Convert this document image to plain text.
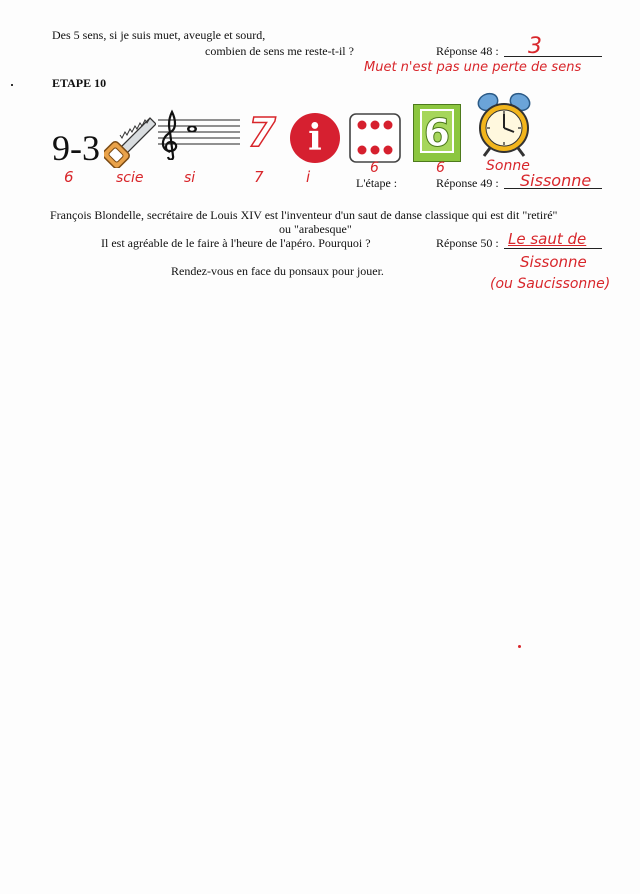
Des 5 sens, si je suis muet, aveugle et sourd,
combien de sens me reste-t-il ?	Réponse 48 : 3
Muet n'est pas une perte de sens
ETAPE 10
9-3	7 i	6
6	scie	si	7	i	6	6	Sonne
L'étape :	Réponse 49 : Sissonne
François Blondelle, secrétaire de Louis XIV est l'inventeur d'un saut de danse classique qui est dit "retiré"
ou "arabesque"
Il est agréable de le faire à l'heure de l'apéro. Pourquoi ?	Réponse 50 : Le saut de
Sissonne
(ou Saucissonne)
Rendez-vous en face du ponsaux pour jouer.
